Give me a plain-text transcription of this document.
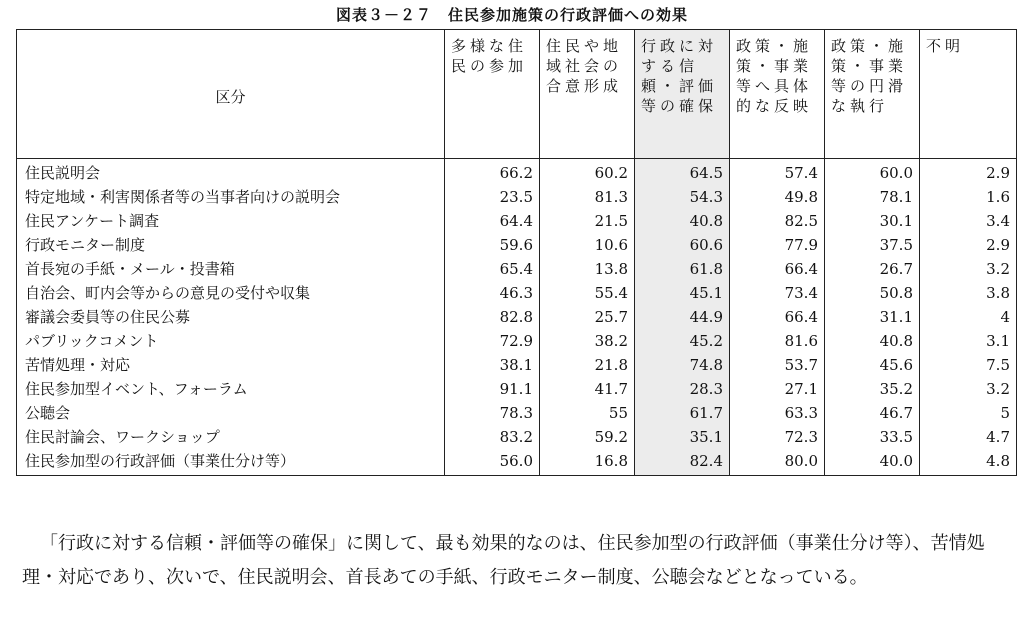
図表３－２７　住民参加施策の行政評価への効果
区分	多様な住民の参加	住民や地域社会の合意形成	行政に対する信頼・評価等の確保	政策・施策・事業等へ具体的な反映	政策・施策・事業等の円滑な執行	不明
住民説明会	66.2	60.2	64.5	57.4	60.0	2.9
特定地域・利害関係者等の当事者向けの説明会	23.5	81.3	54.3	49.8	78.1	1.6
住民アンケート調査	64.4	21.5	40.8	82.5	30.1	3.4
行政モニター制度	59.6	10.6	60.6	77.9	37.5	2.9
首長宛の手紙・メール・投書箱	65.4	13.8	61.8	66.4	26.7	3.2
自治会、町内会等からの意見の受付や収集	46.3	55.4	45.1	73.4	50.8	3.8
審議会委員等の住民公募	82.8	25.7	44.9	66.4	31.1	4
パブリックコメント	72.9	38.2	45.2	81.6	40.8	3.1
苦情処理・対応	38.1	21.8	74.8	53.7	45.6	7.5
住民参加型イベント、フォーラム	91.1	41.7	28.3	27.1	35.2	3.2
公聴会	78.3	55	61.7	63.3	46.7	5
住民討論会、ワークショップ	83.2	59.2	35.1	72.3	33.5	4.7
住民参加型の行政評価（事業仕分け等）	56.0	16.8	82.4	80.0	40.0	4.8

「行政に対する信頼・評価等の確保」に関して、最も効果的なのは、住民参加型の行政評価（事業仕分け等）、苦情処理・対応であり、次いで、住民説明会、首長あての手紙、行政モニター制度、公聴会などとなっている。
